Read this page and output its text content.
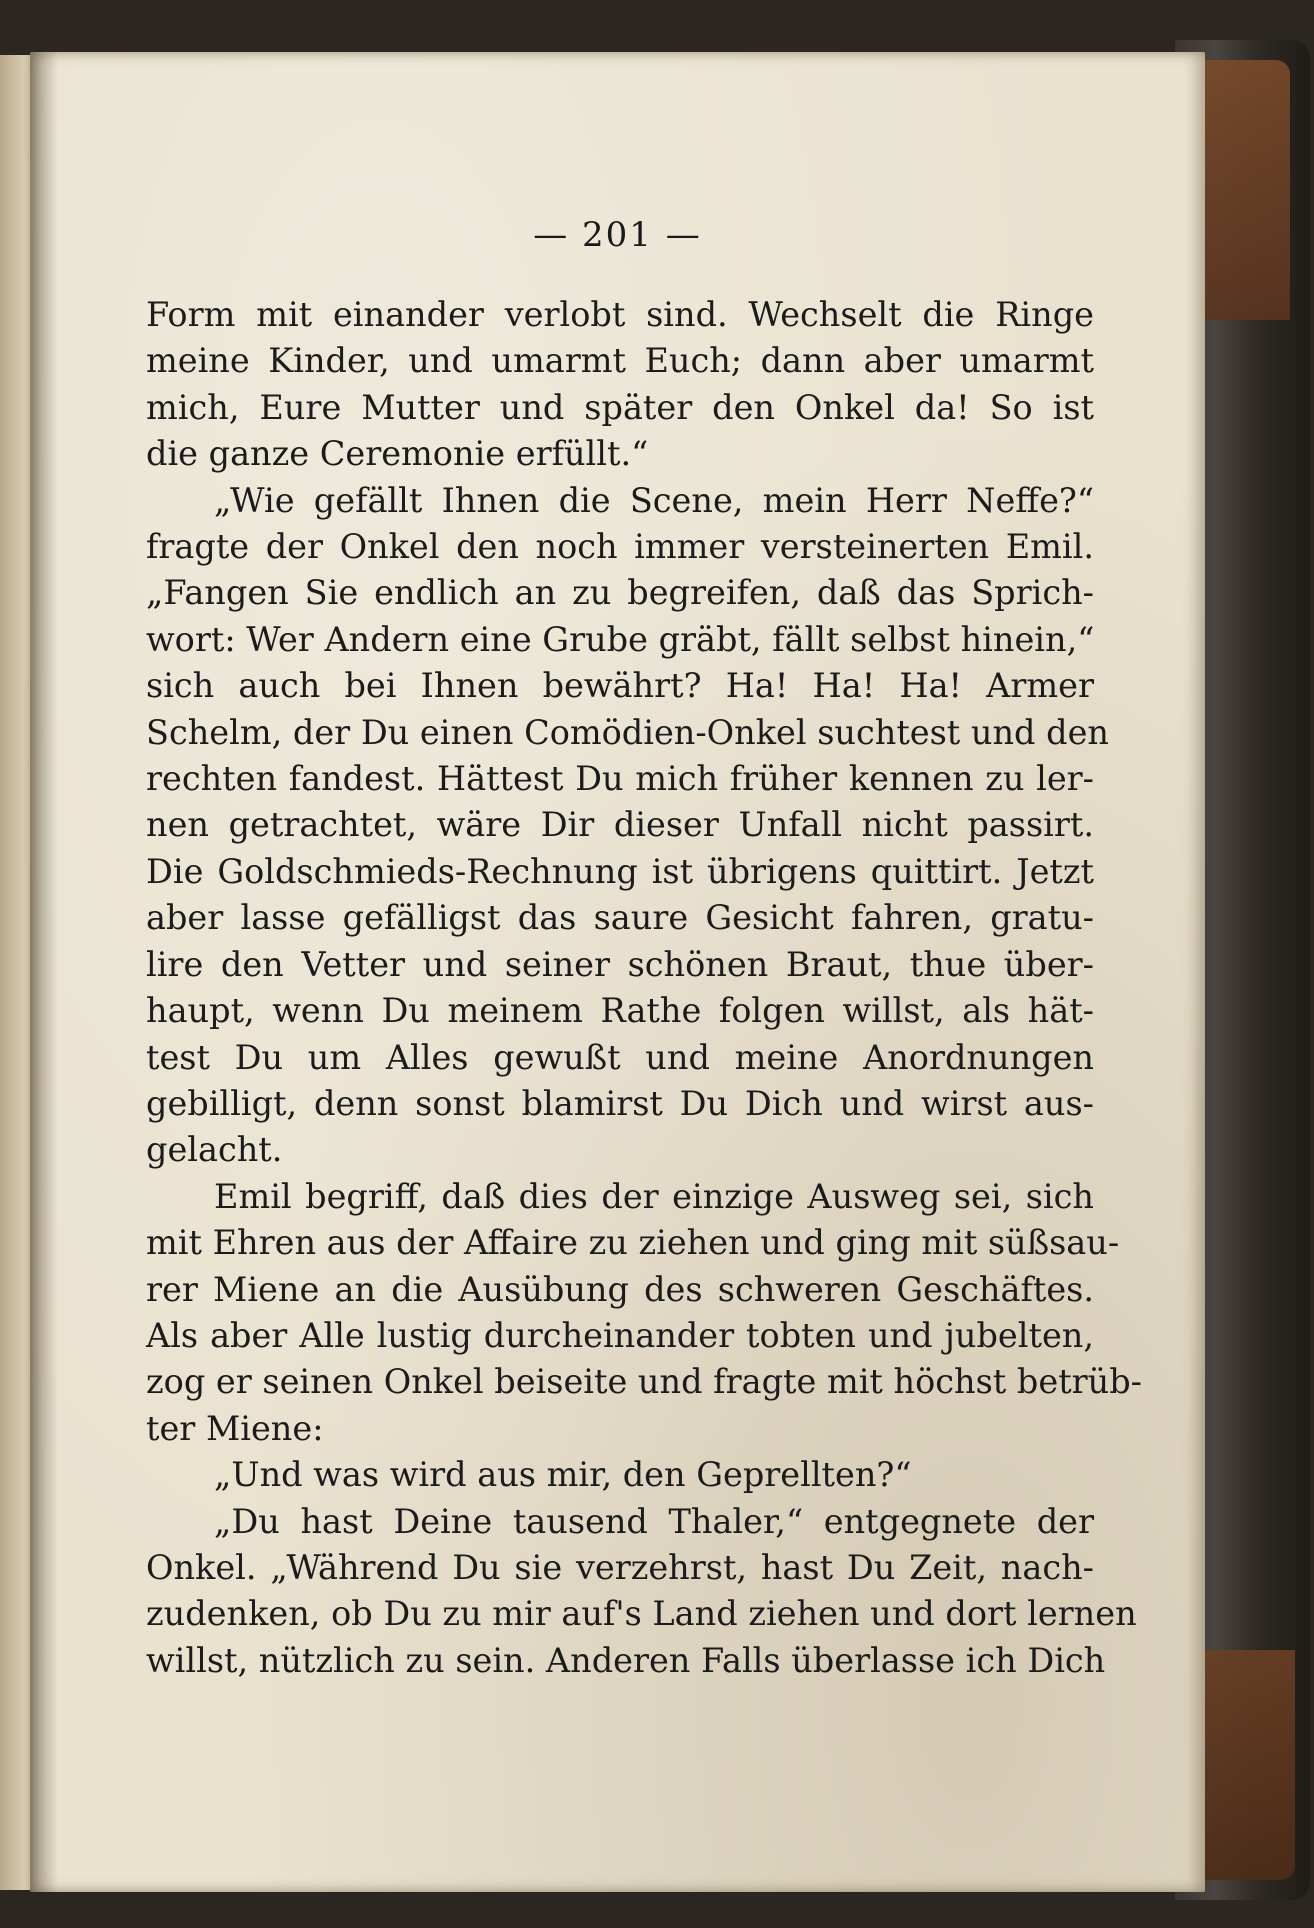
— 201 —
Form mit einander verlobt sind. Wechselt die Ringe
meine Kinder, und umarmt Euch; dann aber umarmt
mich, Eure Mutter und später den Onkel da! So ist
die ganze Ceremonie erfüllt.“
„Wie gefällt Ihnen die Scene, mein Herr Neffe?“
fragte der Onkel den noch immer versteinerten Emil.
„Fangen Sie endlich an zu begreifen, daß das Sprich-
wort: Wer Andern eine Grube gräbt, fällt selbst hinein,“
sich auch bei Ihnen bewährt? Ha! Ha! Ha! Armer
Schelm, der Du einen Comödien-Onkel suchtest und den
rechten fandest. Hättest Du mich früher kennen zu ler-
nen getrachtet, wäre Dir dieser Unfall nicht passirt.
Die Goldschmieds-Rechnung ist übrigens quittirt. Jetzt
aber lasse gefälligst das saure Gesicht fahren, gratu-
lire den Vetter und seiner schönen Braut, thue über-
haupt, wenn Du meinem Rathe folgen willst, als hät-
test Du um Alles gewußt und meine Anordnungen
gebilligt, denn sonst blamirst Du Dich und wirst aus-
gelacht.
Emil begriff, daß dies der einzige Ausweg sei, sich
mit Ehren aus der Affaire zu ziehen und ging mit süßsau-
rer Miene an die Ausübung des schweren Geschäftes.
Als aber Alle lustig durcheinander tobten und jubelten,
zog er seinen Onkel beiseite und fragte mit höchst betrüb-
ter Miene:
„Und was wird aus mir, den Geprellten?“
„Du hast Deine tausend Thaler,“ entgegnete der
Onkel. „Während Du sie verzehrst, hast Du Zeit, nach-
zudenken, ob Du zu mir auf's Land ziehen und dort lernen
willst, nützlich zu sein. Anderen Falls überlasse ich Dich
